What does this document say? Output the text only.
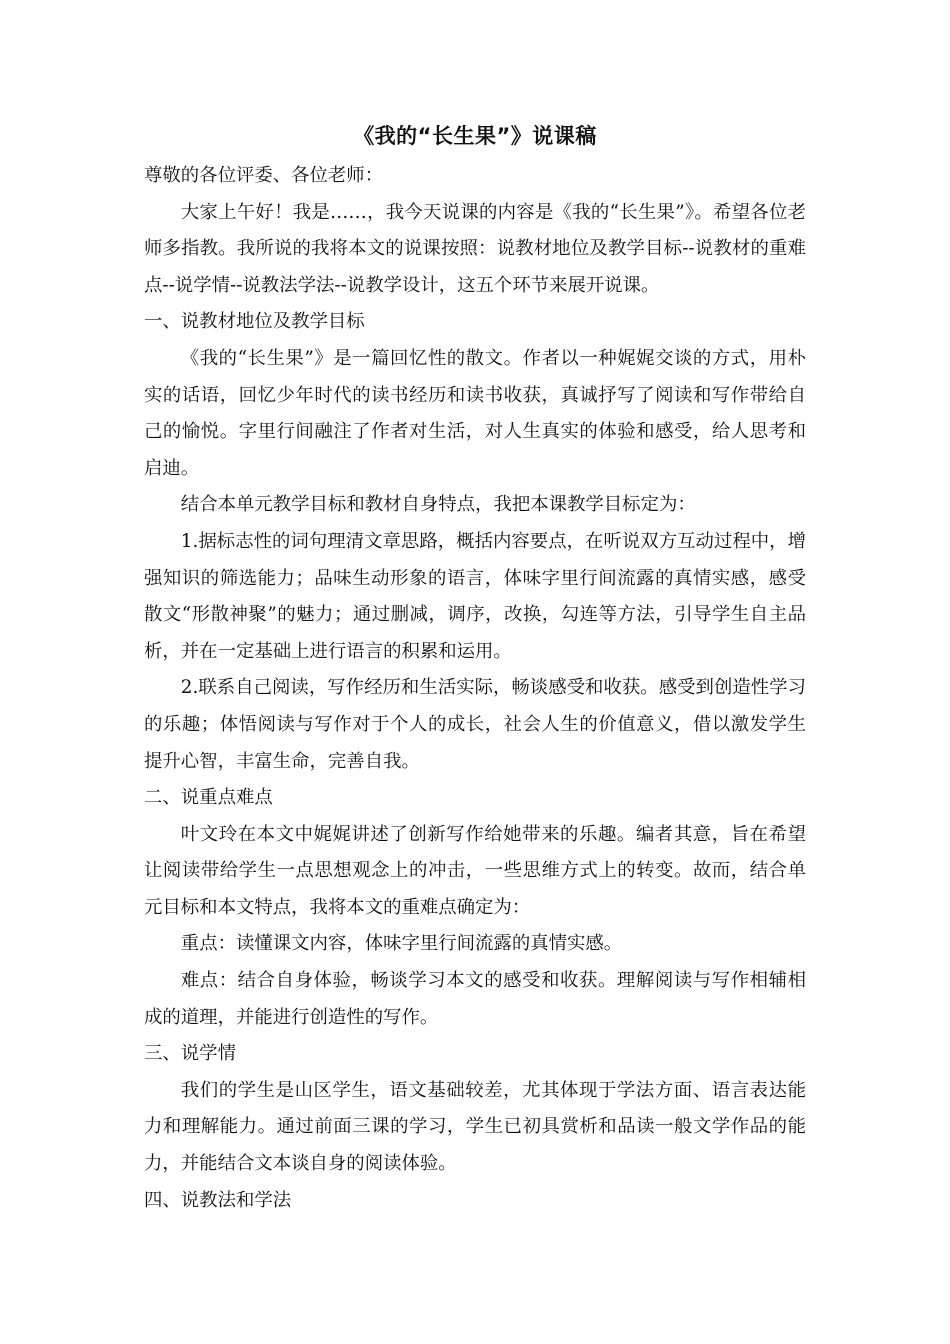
《我的“长生果”》说课稿

尊敬的各位评委、各位老师：

大家上午好！我是……，我今天说课的内容是《我的“长生果”》。希望各位老师多指教。我所说的我将本文的说课按照：说教材地位及教学目标--说教材的重难点--说学情--说教法学法--说教学设计，这五个环节来展开说课。

一、说教材地位及教学目标

《我的“长生果”》是一篇回忆性的散文。作者以一种娓娓交谈的方式，用朴实的话语，回忆少年时代的读书经历和读书收获，真诚抒写了阅读和写作带给自己的愉悦。字里行间融注了作者对生活，对人生真实的体验和感受，给人思考和启迪。

结合本单元教学目标和教材自身特点，我把本课教学目标定为：

1.据标志性的词句理清文章思路，概括内容要点，在听说双方互动过程中，增强知识的筛选能力；品味生动形象的语言，体味字里行间流露的真情实感，感受散文“形散神聚”的魅力；通过删减，调序，改换，勾连等方法，引导学生自主品析，并在一定基础上进行语言的积累和运用。

2.联系自己阅读，写作经历和生活实际，畅谈感受和收获。感受到创造性学习的乐趣；体悟阅读与写作对于个人的成长，社会人生的价值意义，借以激发学生提升心智，丰富生命，完善自我。

二、说重点难点

叶文玲在本文中娓娓讲述了创新写作给她带来的乐趣。编者其意，旨在希望让阅读带给学生一点思想观念上的冲击，一些思维方式上的转变。故而，结合单元目标和本文特点，我将本文的重难点确定为：

重点：读懂课文内容，体味字里行间流露的真情实感。

难点：结合自身体验，畅谈学习本文的感受和收获。理解阅读与写作相辅相成的道理，并能进行创造性的写作。

三、说学情

我们的学生是山区学生，语文基础较差，尤其体现于学法方面、语言表达能力和理解能力。通过前面三课的学习，学生已初具赏析和品读一般文学作品的能力，并能结合文本谈自身的阅读体验。

四、说教法和学法
